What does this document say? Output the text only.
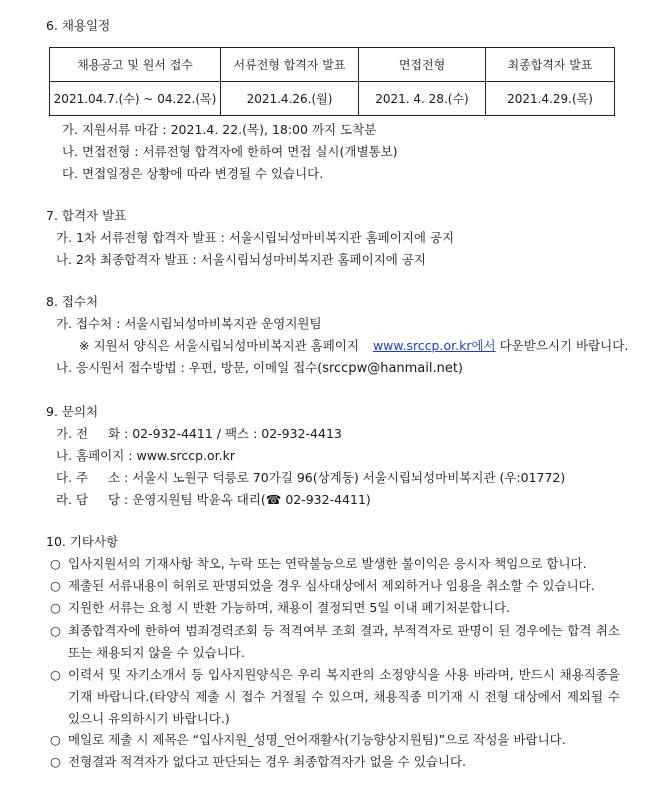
6. 채용일정
채용공고 및 원서 접수	서류전형 합격자 발표	면접전형	최종합격자 발표
2021.04.7.(수) ~ 04.22.(목)	2021.4.26.(월)	2021. 4. 28.(수)	2021.4.29.(목)
가. 지원서류 마감 : 2021.4. 22.(목), 18:00 까지 도착분
나. 면접전형 : 서류전형 합격자에 한하여 면접 실시(개별통보)
다. 면접일정은 상황에 따라 변경될 수 있습니다.
7. 합격자 발표
가. 1차 서류전형 합격자 발표 : 서울시립뇌성마비복지관 홈페이지에 공지
나. 2차 최종합격자 발표 : 서울시립뇌성마비복지관 홈페이지에 공지
8. 접수처
가. 접수처 : 서울시립뇌성마비복지관 운영지원팀
※ 지원서 양식은 서울시립뇌성마비복지관 홈페이지 www.srccp.or.kr에서 다운받으시기 바랍니다.
나. 응시원서 접수방법 : 우편, 방문, 이메일 접수(srccpw@hanmail.net)
9. 문의처
가. 전     화 : 02-932-4411 / 팩스 : 02-932-4413
나. 홈페이지 : www.srccp.or.kr
다. 주     소 : 서울시 노원구 덕릉로 70가길 96(상계동) 서울시립뇌성마비복지관 (우:01772)
라. 담     당 : 운영지원팀 박윤옥 대리(☎ 02-932-4411)
10. 기타사항
○ 입사지원서의 기재사항 착오, 누락 또는 연락불능으로 발생한 불이익은 응시자 책임으로 합니다.
○ 제출된 서류내용이 허위로 판명되었을 경우 심사대상에서 제외하거나 임용을 취소할 수 있습니다.
○ 지원한 서류는 요청 시 반환 가능하며, 채용이 결정되면 5일 이내 폐기처분합니다.
○ 최종합격자에 한하여 범죄경력조회 등 적격여부 조회 결과, 부적격자로 판명이 된 경우에는 합격 취소 또는 채용되지 않을 수 있습니다.
○ 이력서 및 자기소개서 등 입사지원양식은 우리 복지관의 소정양식을 사용 바라며, 반드시 채용직종을 기재 바랍니다.(타양식 제출 시 접수 거절될 수 있으며, 채용직종 미기재 시 전형 대상에서 제외될 수 있으니 유의하시기 바랍니다.)
○ 메일로 제출 시 제목은 “입사지원_성명_언어재활사(기능향상지원팀)”으로 작성을 바랍니다.
○ 전형결과 적격자가 없다고 판단되는 경우 최종합격자가 없을 수 있습니다.
